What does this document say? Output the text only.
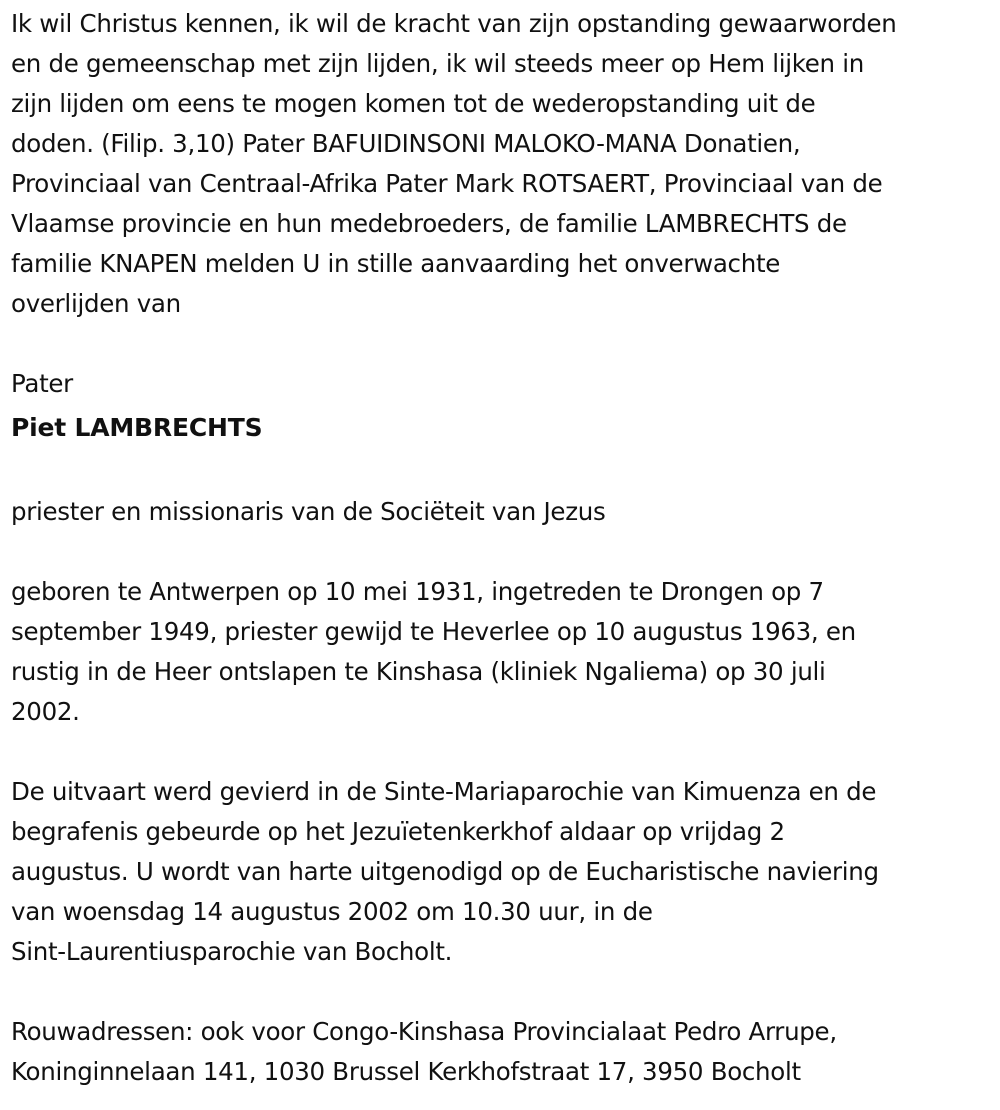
Ik wil Christus kennen, ik wil de kracht van zijn opstanding gewaarworden
en de gemeenschap met zijn lijden, ik wil steeds meer op Hem lijken in
zijn lijden om eens te mogen komen tot de wederopstanding uit de
doden. (Filip. 3,10) Pater BAFUIDINSONI MALOKO-MANA Donatien,
Provinciaal van Centraal-Afrika Pater Mark ROTSAERT, Provinciaal van de
Vlaamse provincie en hun medebroeders, de familie LAMBRECHTS de
familie KNAPEN melden U in stille aanvaarding het onverwachte
overlijden van

Pater

Piet LAMBRECHTS

priester en missionaris van de Sociëteit van Jezus

geboren te Antwerpen op 10 mei 1931, ingetreden te Drongen op 7
september 1949, priester gewijd te Heverlee op 10 augustus 1963, en
rustig in de Heer ontslapen te Kinshasa (kliniek Ngaliema) op 30 juli
2002.

De uitvaart werd gevierd in de Sinte-Mariaparochie van Kimuenza en de
begrafenis gebeurde op het Jezuïetenkerkhof aldaar op vrijdag 2
augustus. U wordt van harte uitgenodigd op de Eucharistische naviering
van woensdag 14 augustus 2002 om 10.30 uur, in de
Sint-Laurentiusparochie van Bocholt.

Rouwadressen: ook voor Congo-Kinshasa Provincialaat Pedro Arrupe,
Koninginnelaan 141, 1030 Brussel Kerkhofstraat 17, 3950 Bocholt
